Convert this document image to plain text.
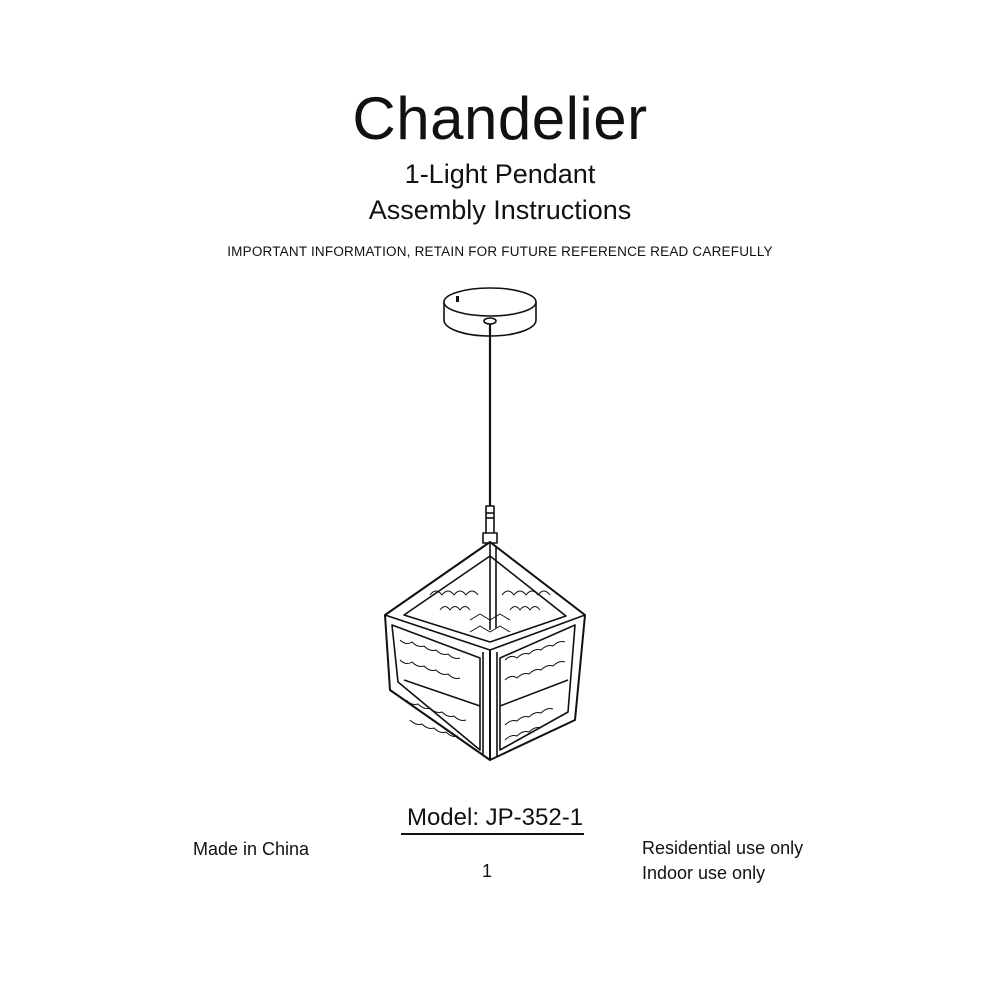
Chandelier
1-Light Pendant
Assembly Instructions
IMPORTANT INFORMATION, RETAIN FOR FUTURE REFERENCE READ CAREFULLY
Model: JP-352-1
Made in China
1
Residential use only
Indoor use only
